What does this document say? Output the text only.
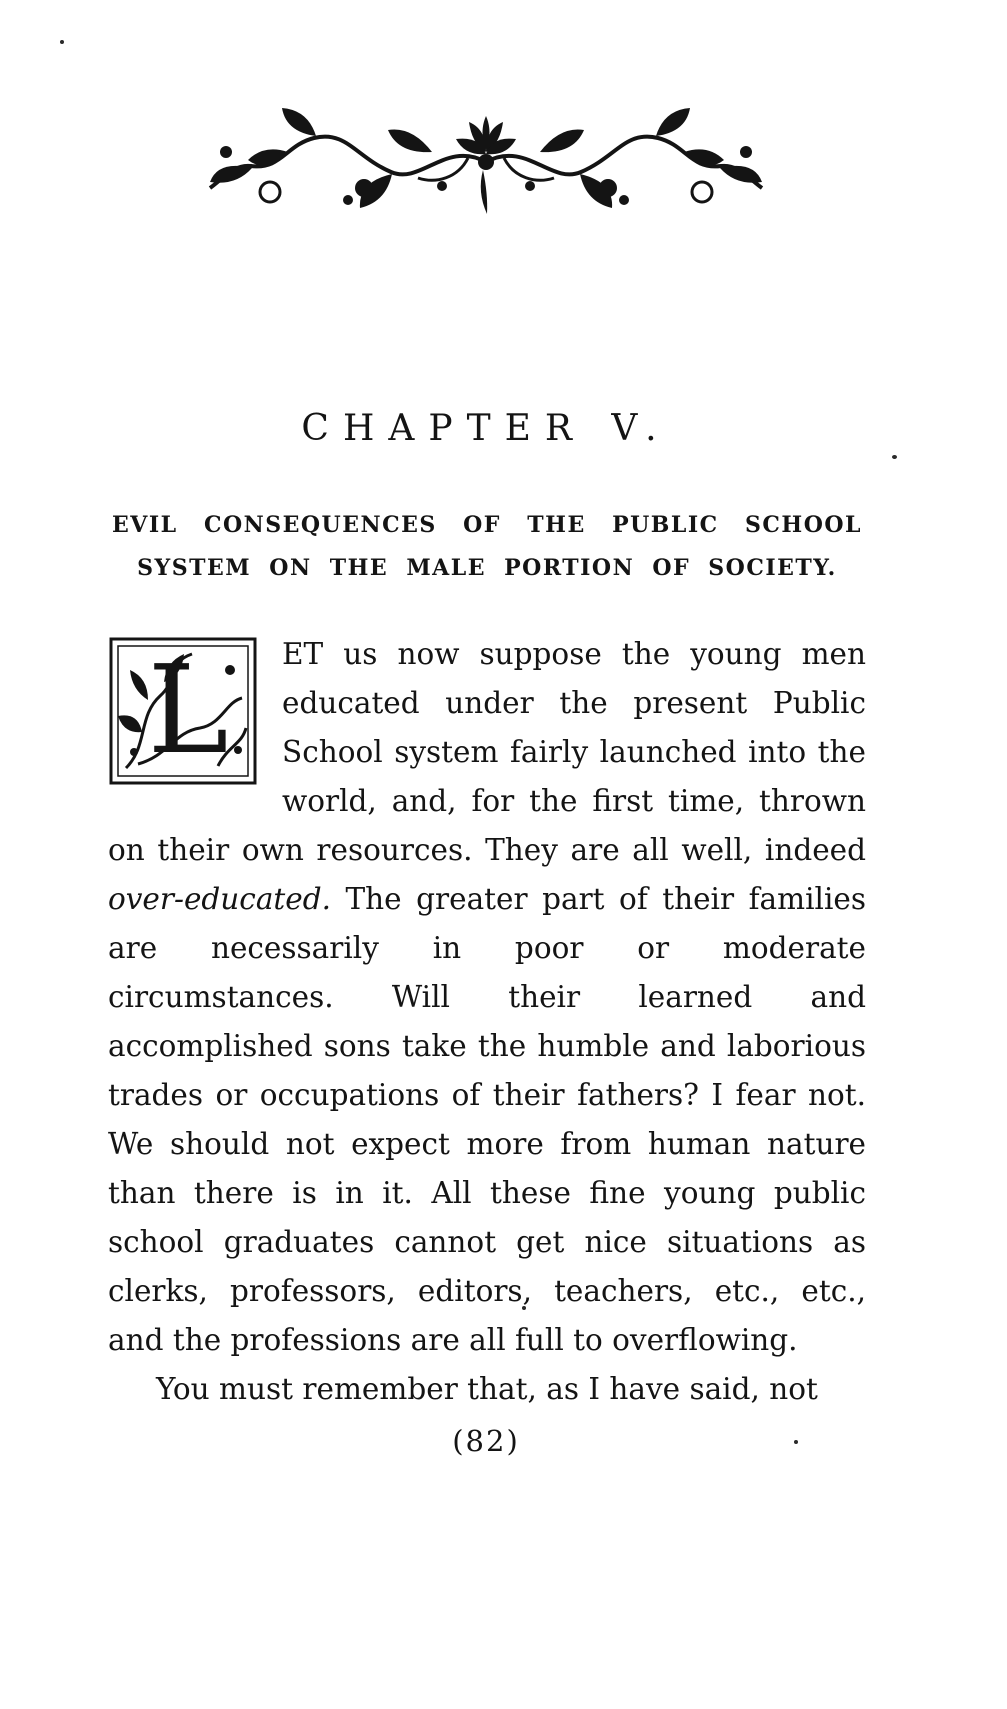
CHAPTER V.
EVIL CONSEQUENCES OF THE PUBLIC SCHOOL
SYSTEM ON THE MALE PORTION OF SOCIETY.

L ET us now suppose the young men educated under the present Public School system fairly launched into the world, and, for the first time, thrown on their own resources. They are all well, indeed over-educated. The greater part of their families are necessarily in poor or moderate circumstances. Will their learned and accomplished sons take the humble and laborious trades or occupations of their fathers? I fear not. We should not expect more from human nature than there is in it. All these fine young public school graduates cannot get nice situations as clerks, professors, editors, teachers, etc., etc., and the professions are all full to overflowing.

You must remember that, as I have said, not

(82)
